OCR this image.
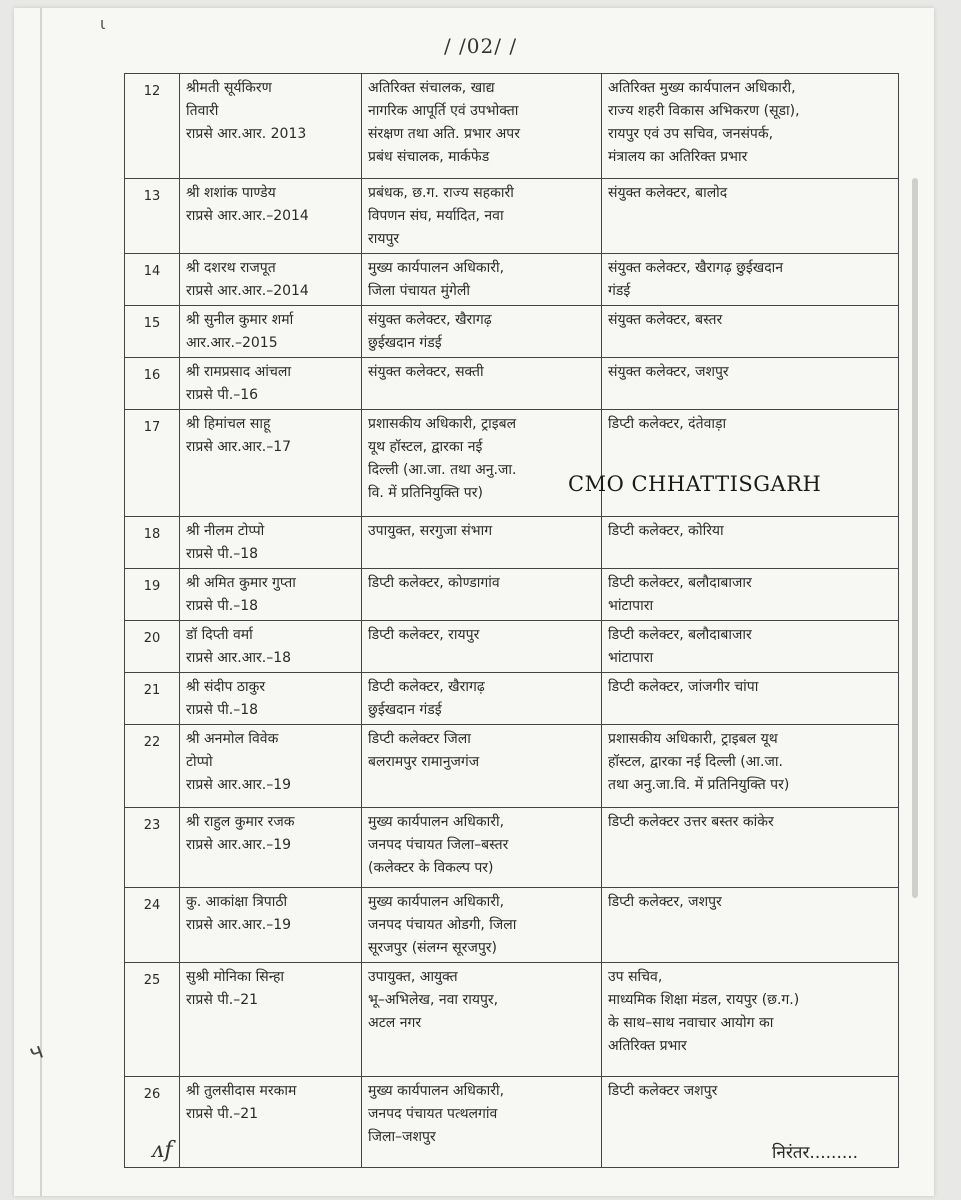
ɩ
/ /02/ /
12	श्रीमती सूर्यकिरण
तिवारी
राप्रसे आर.आर. 2013	अतिरिक्त संचालक, खाद्य
नागरिक आपूर्ति एवं उपभोक्ता
संरक्षण तथा अति. प्रभार अपर
प्रबंध संचालक, मार्कफेड	अतिरिक्त मुख्य कार्यपालन अधिकारी,
राज्य शहरी विकास अभिकरण (सूडा),
रायपुर एवं उप सचिव, जनसंपर्क,
मंत्रालय का अतिरिक्त प्रभार

13	श्री शशांक पाण्डेय
राप्रसे आर.आर.–2014	प्रबंधक, छ.ग. राज्य सहकारी
विपणन संघ, मर्यादित, नवा
रायपुर	संयुक्त कलेक्टर, बालोद

14	श्री दशरथ राजपूत
राप्रसे आर.आर.–2014	मुख्य कार्यपालन अधिकारी,
जिला पंचायत मुंगेली	संयुक्त कलेक्टर, खैरागढ़ छुईखदान
गंडई

15	श्री सुनील कुमार शर्मा
आर.आर.–2015	संयुक्त कलेक्टर, खैरागढ़
छुईखदान गंडई	संयुक्त कलेक्टर, बस्तर

16	श्री रामप्रसाद आंचला
राप्रसे पी.–16	संयुक्त कलेक्टर, सक्ती	संयुक्त कलेक्टर, जशपुर

17	श्री हिमांचल साहू
राप्रसे आर.आर.–17	प्रशासकीय अधिकारी, ट्राइबल
यूथ हॉस्टल, द्वारका नई
दिल्ली (आ.जा. तथा अनु.जा.
वि. में प्रतिनियुक्ति पर)	डिप्टी कलेक्टर, दंतेवाड़ा

18	श्री नीलम टोप्पो
राप्रसे पी.–18	उपायुक्त, सरगुजा संभाग	डिप्टी कलेक्टर, कोरिया

19	श्री अमित कुमार गुप्ता
राप्रसे पी.–18	डिप्टी कलेक्टर, कोण्डागांव	डिप्टी कलेक्टर, बलौदाबाजार
भांटापारा

20	डॉ दिप्ती वर्मा
राप्रसे आर.आर.–18	डिप्टी कलेक्टर, रायपुर	डिप्टी कलेक्टर, बलौदाबाजार
भांटापारा

21	श्री संदीप ठाकुर
राप्रसे पी.–18	डिप्टी कलेक्टर, खैरागढ़
छुईखदान गंडई	डिप्टी कलेक्टर, जांजगीर चांपा

22	श्री अनमोल विवेक
टोप्पो
राप्रसे आर.आर.–19	डिप्टी कलेक्टर जिला
बलरामपुर रामानुजगंज	प्रशासकीय अधिकारी, ट्राइबल यूथ
हॉस्टल, द्वारका नई दिल्ली (आ.जा.
तथा अनु.जा.वि. में प्रतिनियुक्ति पर)

23	श्री राहुल कुमार रजक
राप्रसे आर.आर.–19	मुख्य कार्यपालन अधिकारी,
जनपद पंचायत जिला–बस्तर
(कलेक्टर के विकल्प पर)	डिप्टी कलेक्टर उत्तर बस्तर कांकेर

24	कु. आकांक्षा त्रिपाठी
राप्रसे आर.आर.–19	मुख्य कार्यपालन अधिकारी,
जनपद पंचायत ओडगी, जिला
सूरजपुर (संलग्न सूरजपुर)	डिप्टी कलेक्टर, जशपुर

25	सुश्री मोनिका सिन्हा
राप्रसे पी.–21	उपायुक्त, आयुक्त
भू–अभिलेख, नवा रायपुर,
अटल नगर	उप सचिव,
माध्यमिक शिक्षा मंडल, रायपुर (छ.ग.)
के साथ–साथ नवाचार आयोग का
अतिरिक्त प्रभार

26	श्री तुलसीदास मरकाम
राप्रसे पी.–21	मुख्य कार्यपालन अधिकारी,
जनपद पंचायत पत्थलगांव
जिला–जशपुर	डिप्टी कलेक्टर जशपुर
CMO CHHATTISGARH
ч
ᴧf	निरंतर.........
